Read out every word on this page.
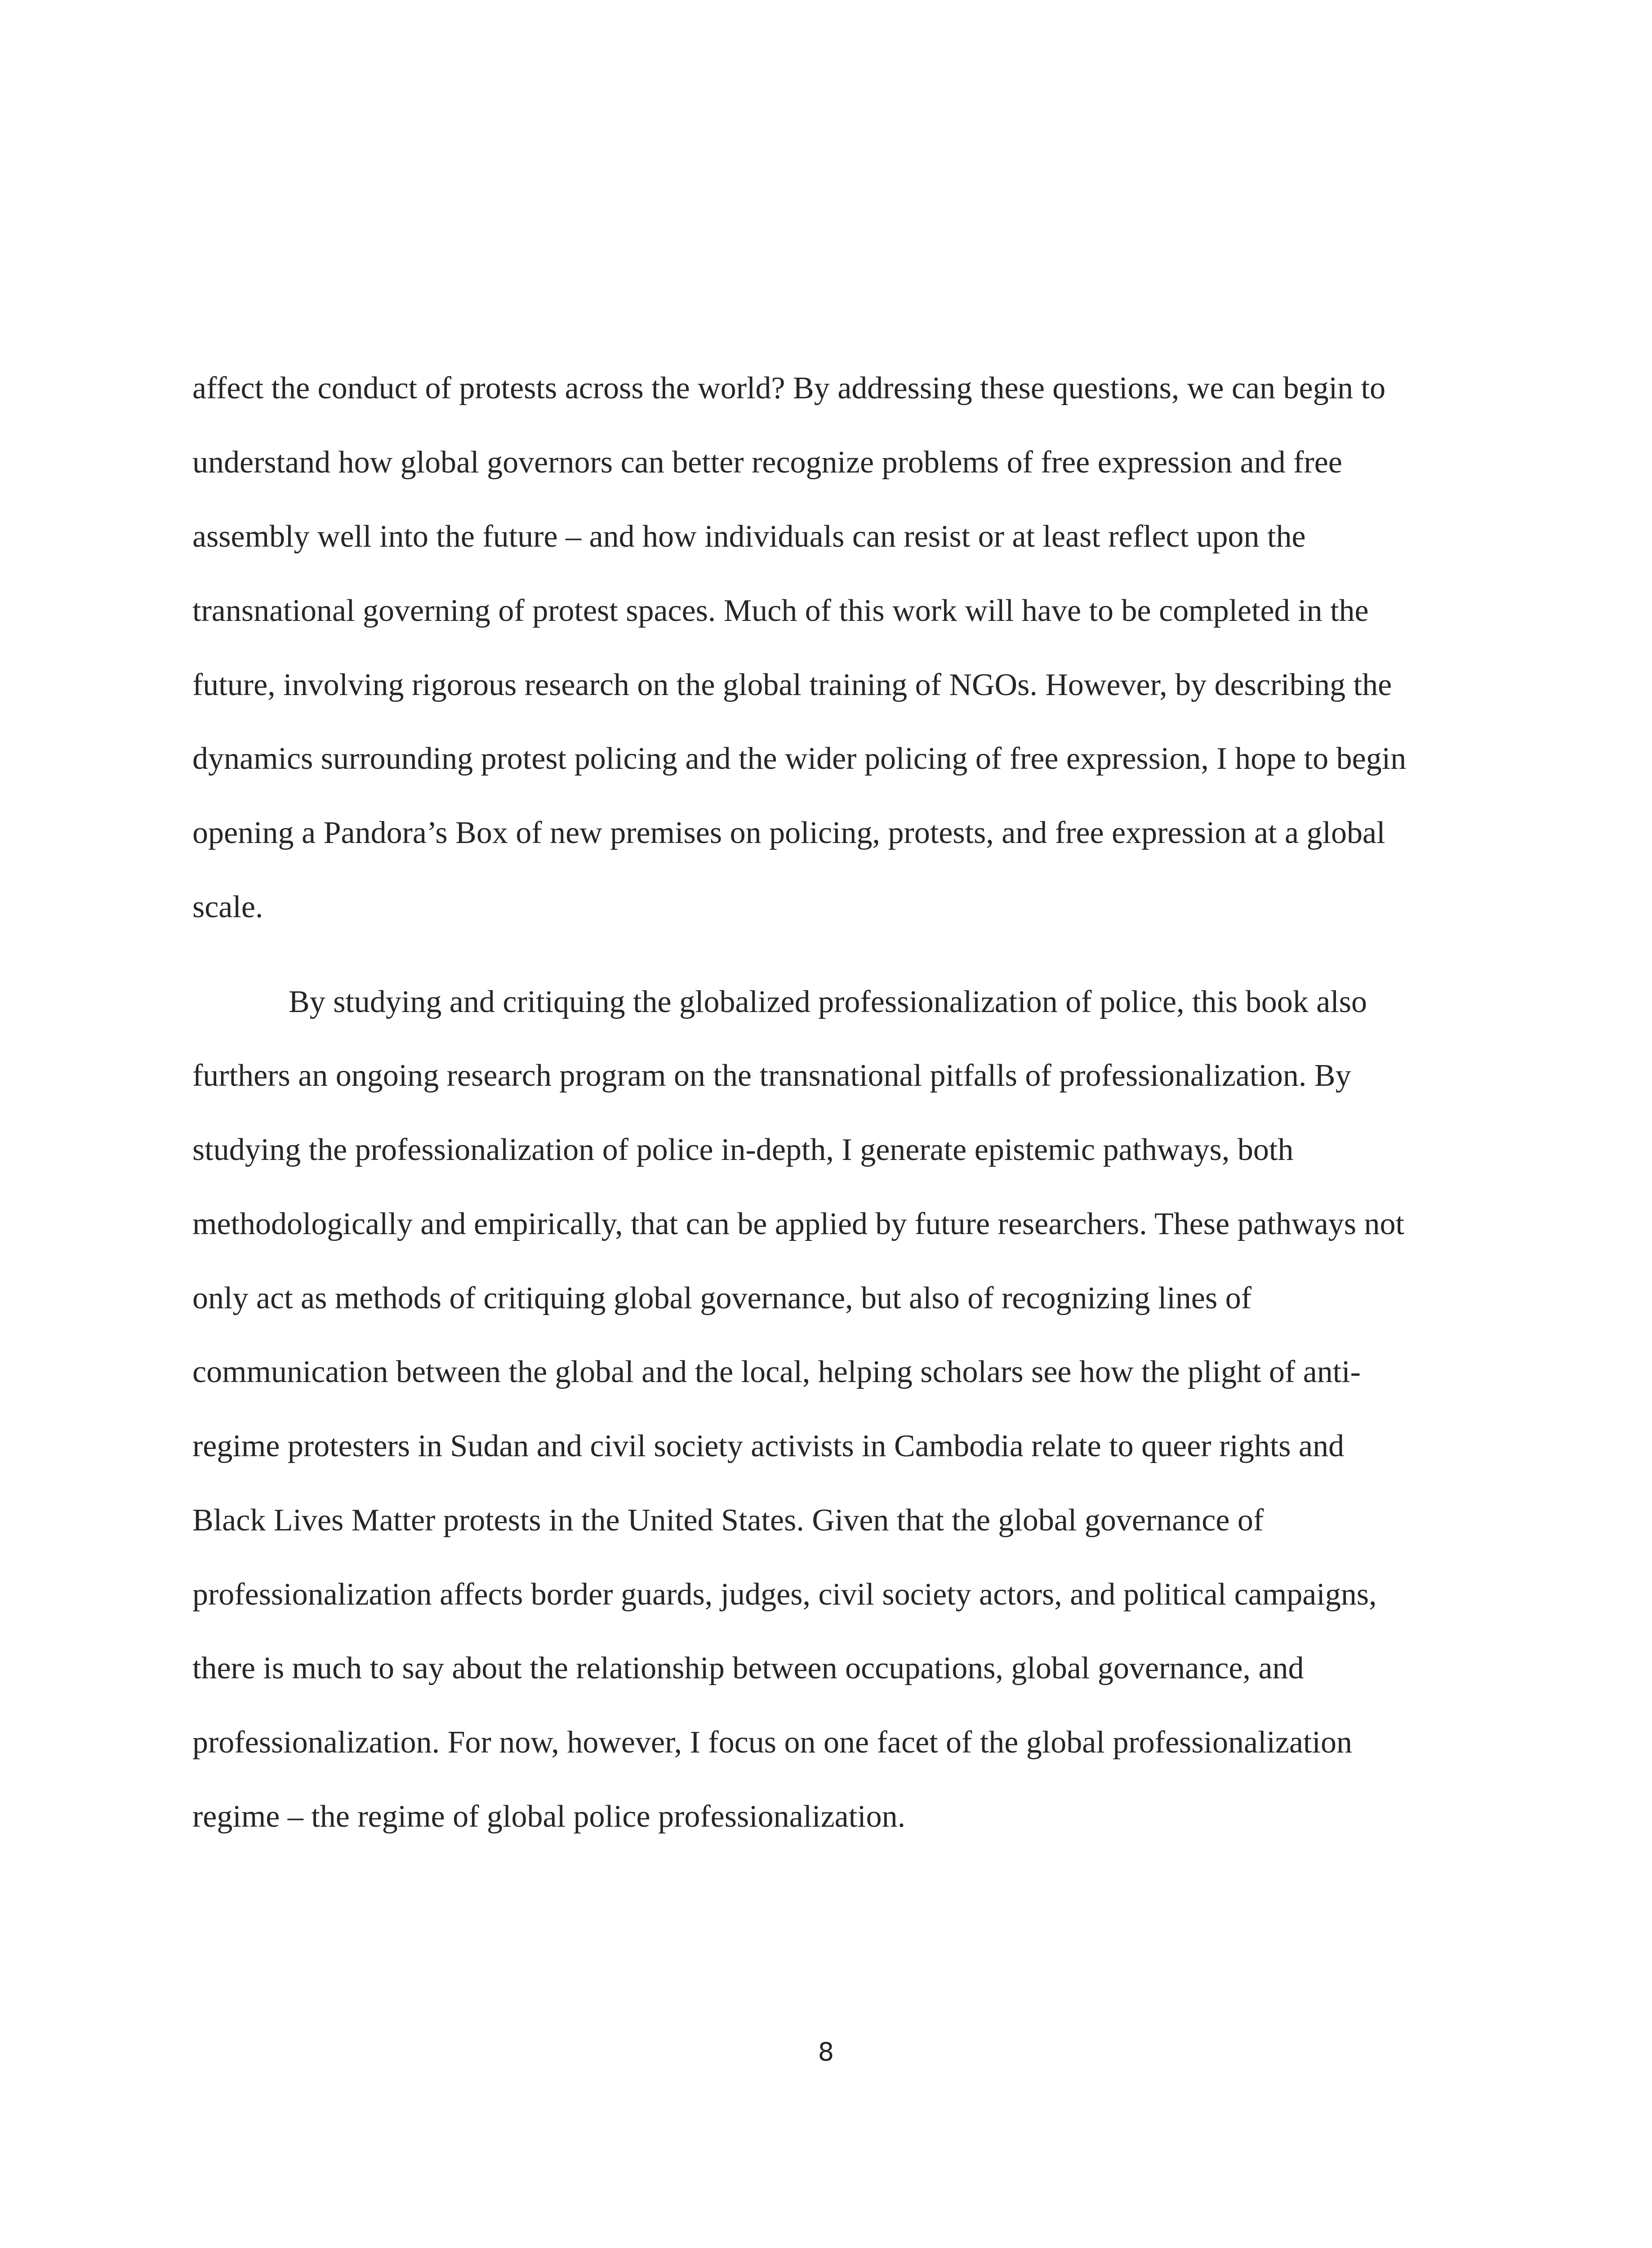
affect the conduct of protests across the world? By addressing these questions, we can begin to

understand how global governors can better recognize problems of free expression and free

assembly well into the future – and how individuals can resist or at least reflect upon the

transnational governing of protest spaces. Much of this work will have to be completed in the

future, involving rigorous research on the global training of NGOs. However, by describing the

dynamics surrounding protest policing and the wider policing of free expression, I hope to begin

opening a Pandora’s Box of new premises on policing, protests, and free expression at a global

scale.

By studying and critiquing the globalized professionalization of police, this book also

furthers an ongoing research program on the transnational pitfalls of professionalization. By

studying the professionalization of police in-depth, I generate epistemic pathways, both

methodologically and empirically, that can be applied by future researchers. These pathways not

only act as methods of critiquing global governance, but also of recognizing lines of

communication between the global and the local, helping scholars see how the plight of anti-

regime protesters in Sudan and civil society activists in Cambodia relate to queer rights and

Black Lives Matter protests in the United States. Given that the global governance of

professionalization affects border guards, judges, civil society actors, and political campaigns,

there is much to say about the relationship between occupations, global governance, and

professionalization. For now, however, I focus on one facet of the global professionalization

regime – the regime of global police professionalization.

8
